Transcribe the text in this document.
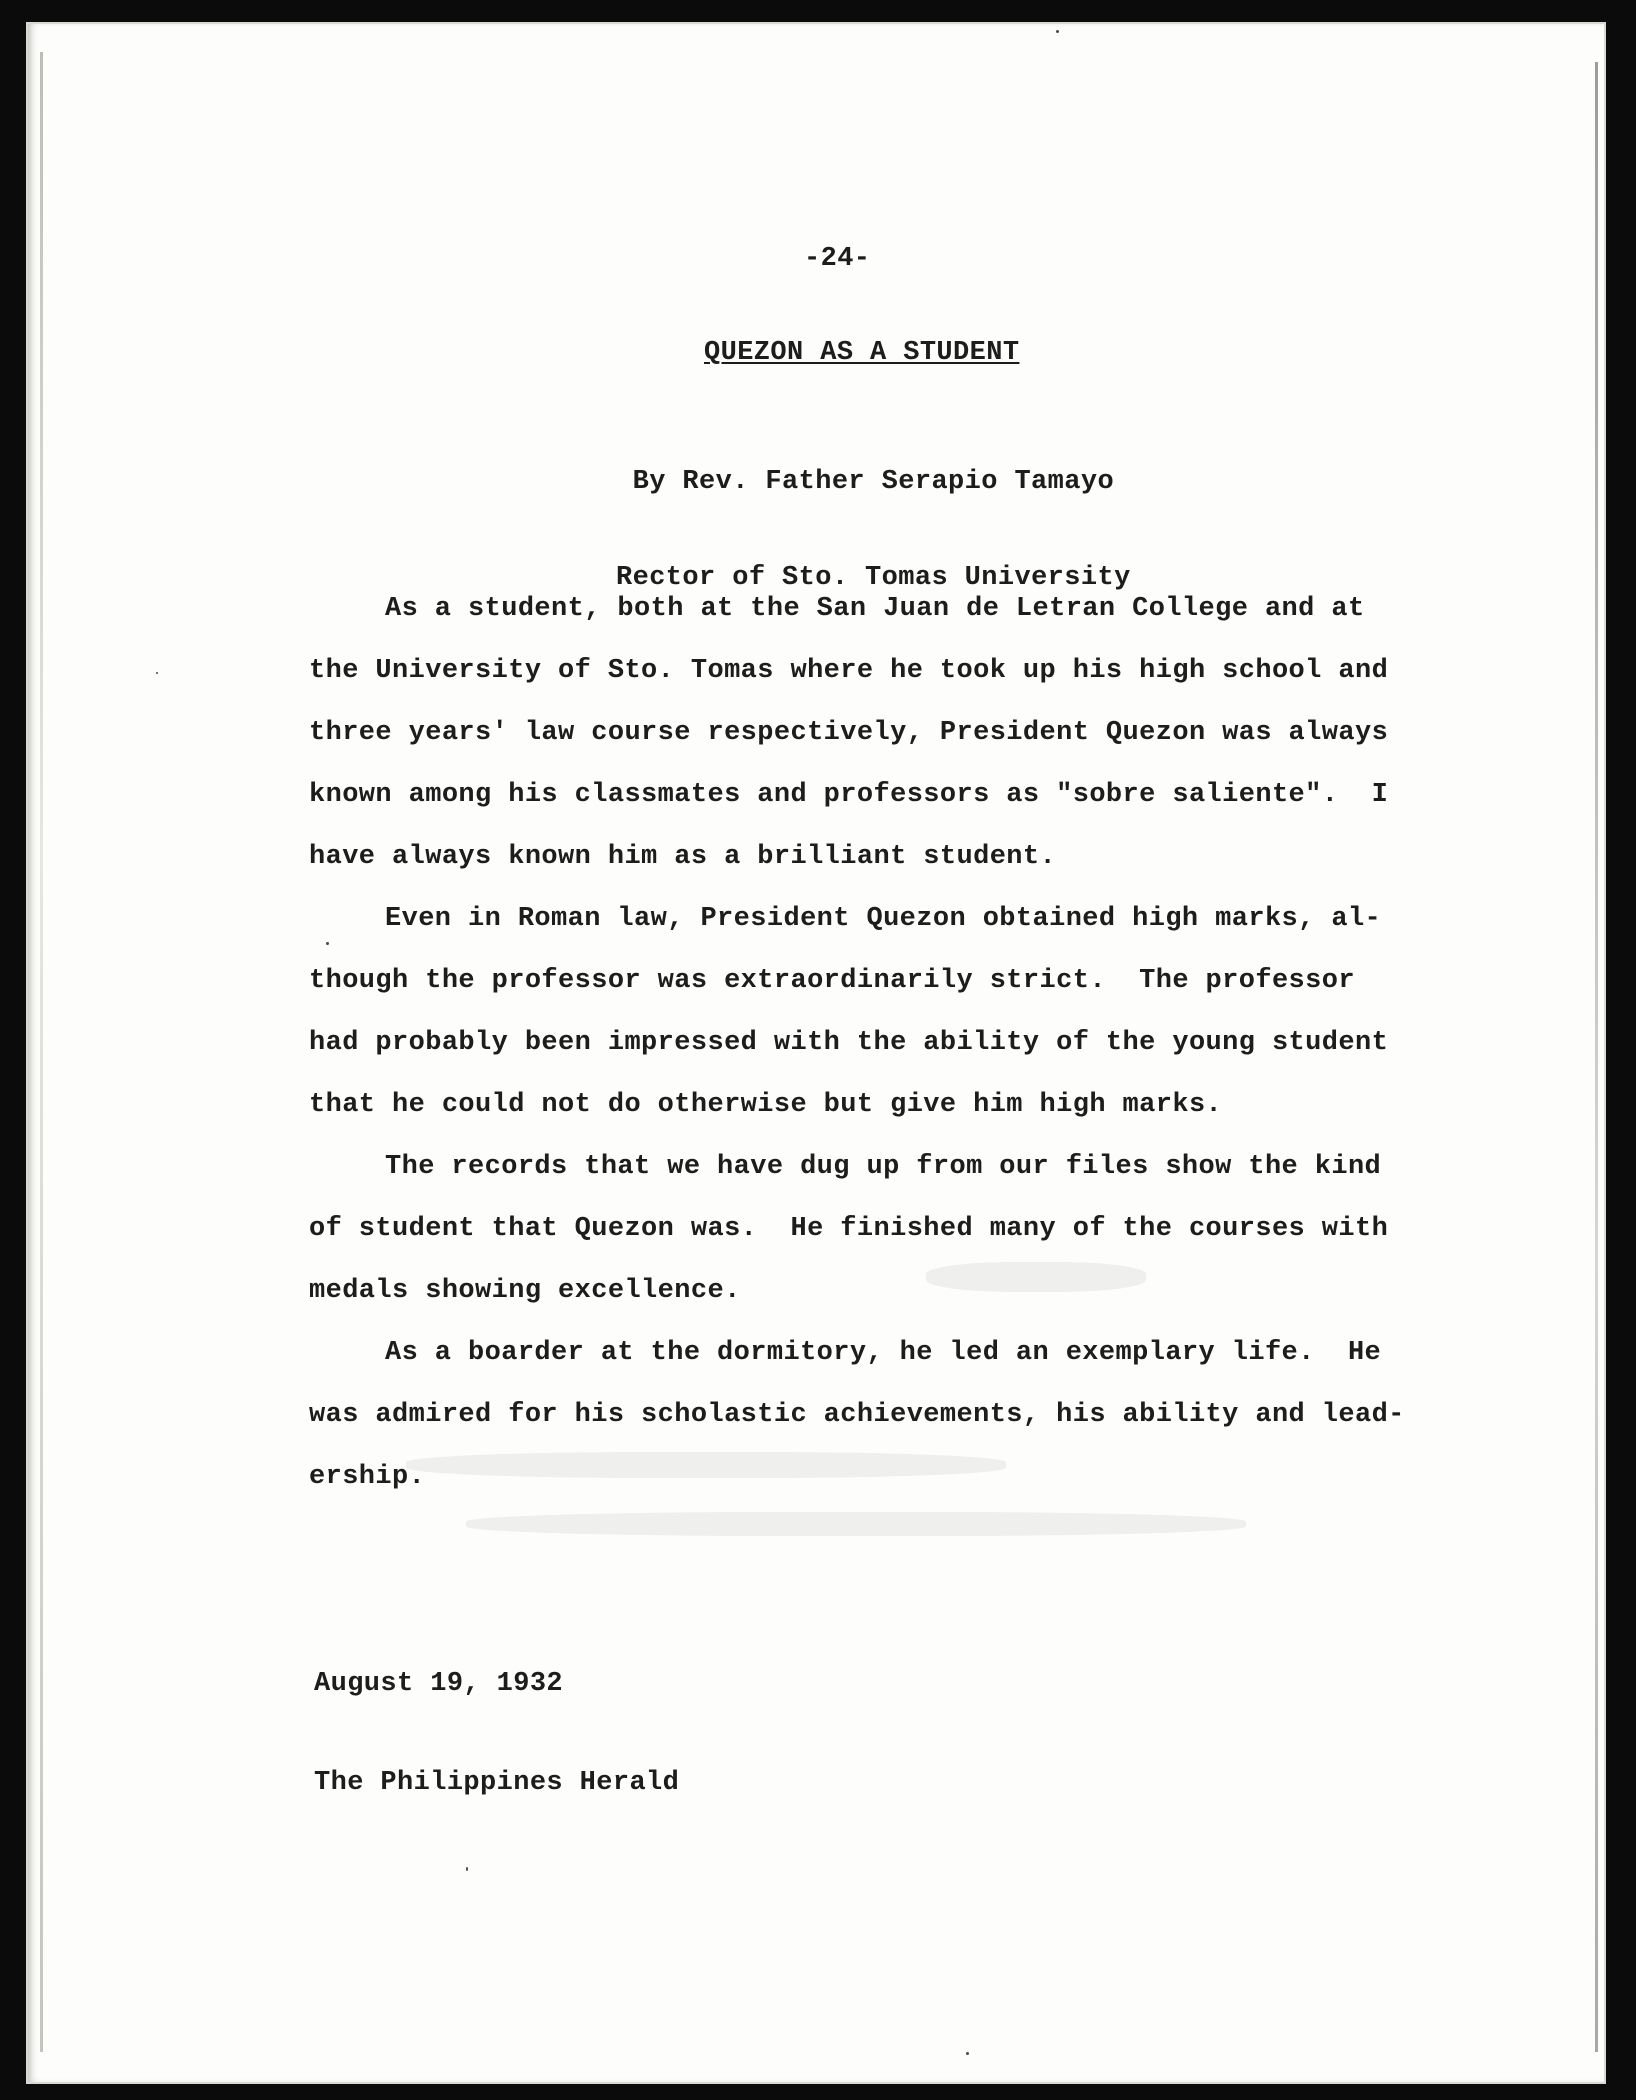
-24-

QUEZON AS A STUDENT

By Rev. Father Serapio Tamayo

Rector of Sto. Tomas University

As a student, both at the San Juan de Letran College and at
the University of Sto. Tomas where he took up his high school and
three years' law course respectively, President Quezon was always
known among his classmates and professors as "sobre saliente".  I
have always known him as a brilliant student.

Even in Roman law, President Quezon obtained high marks, al-
though the professor was extraordinarily strict.  The professor
had probably been impressed with the ability of the young student
that he could not do otherwise but give him high marks.

The records that we have dug up from our files show the kind
of student that Quezon was.  He finished many of the courses with
medals showing excellence.

As a boarder at the dormitory, he led an exemplary life.  He
was admired for his scholastic achievements, his ability and lead-
ership.

August 19, 1932

The Philippines Herald
